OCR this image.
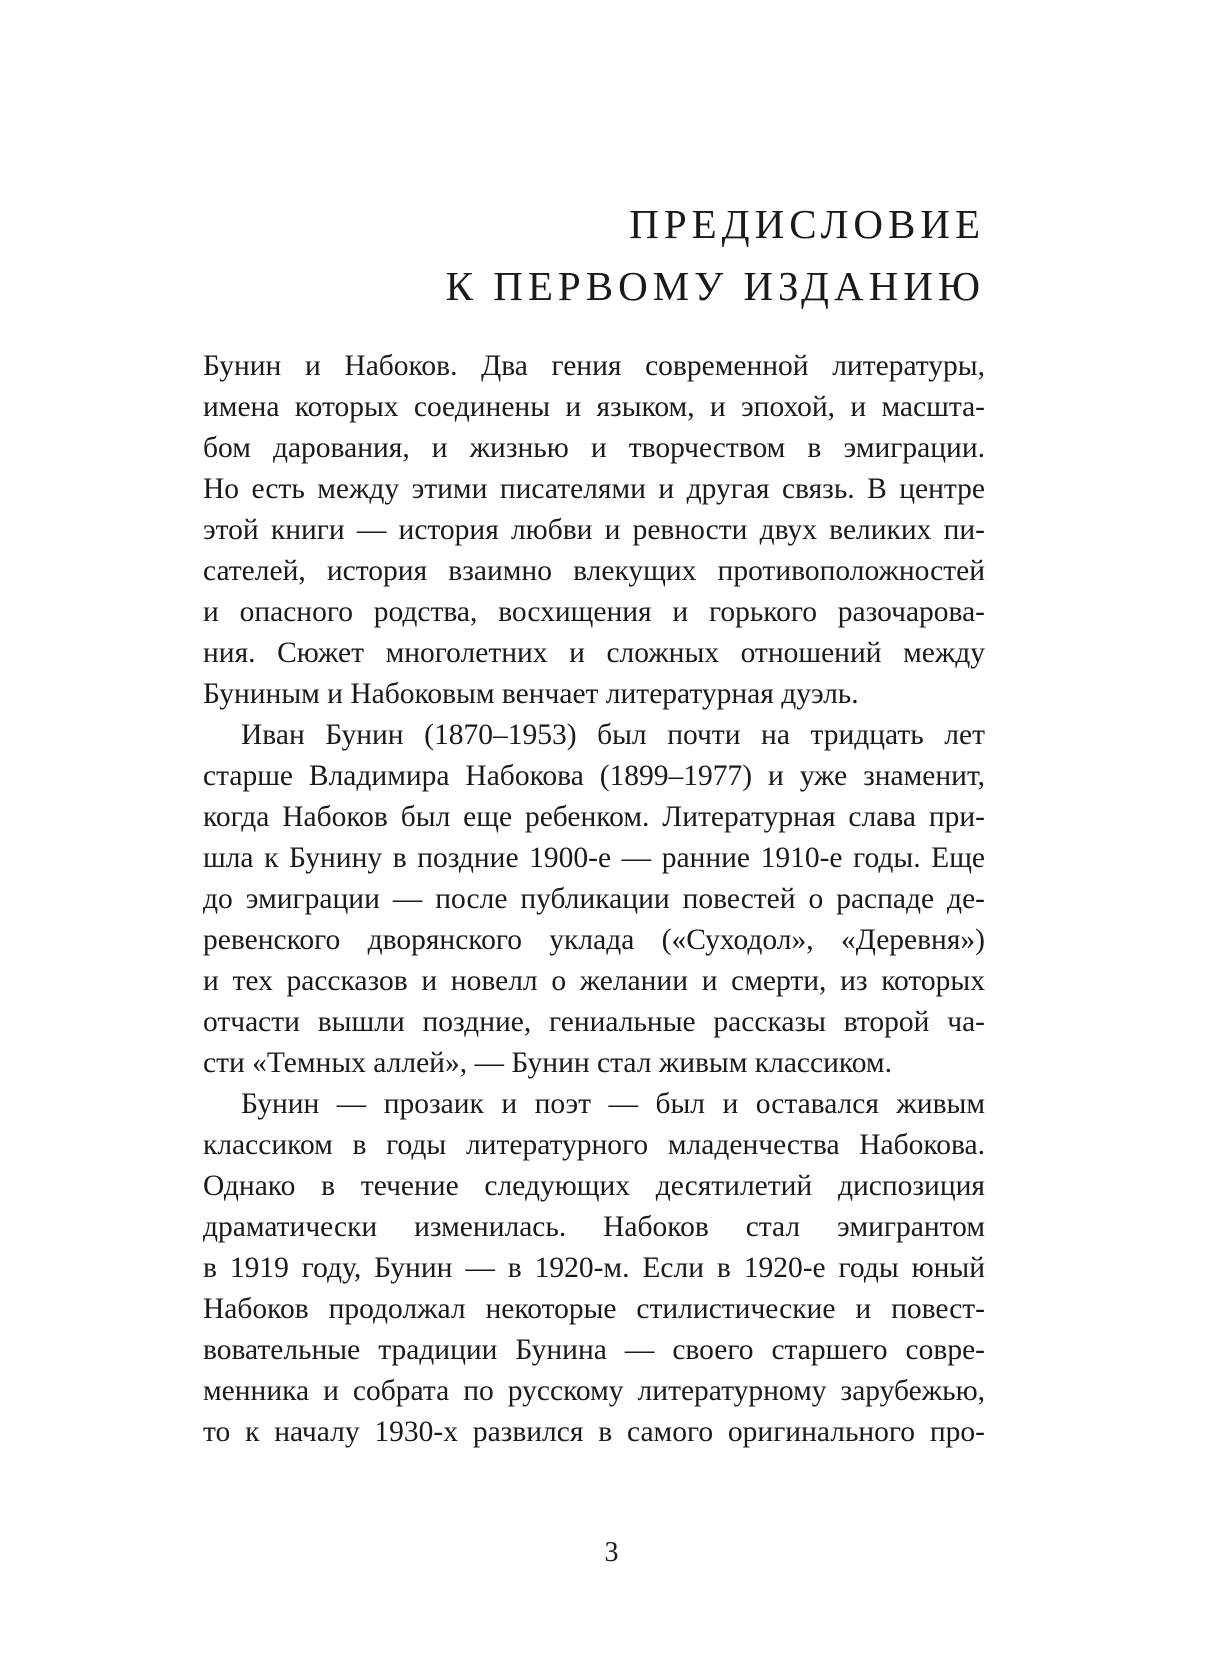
ПРЕДИСЛОВИЕ
К ПЕРВОМУ ИЗДАНИЮ

Бунин и Набоков. Два гения современной литературы,
имена которых соединены и языком, и эпохой, и масшта-
бом дарования, и жизнью и творчеством в эмиграции.
Но есть между этими писателями и другая связь. В центре
этой книги — история любви и ревности двух великих пи-
сателей, история взаимно влекущих противоположностей
и опасного родства, восхищения и горького разочарова-
ния. Сюжет многолетних и сложных отношений между
Буниным и Набоковым венчает литературная дуэль.

Иван Бунин (1870–1953) был почти на тридцать лет
старше Владимира Набокова (1899–1977) и уже знаменит,
когда Набоков был еще ребенком. Литературная слава при-
шла к Бунину в поздние 1900-е — ранние 1910-е годы. Еще
до эмиграции — после публикации повестей о распаде де-
ревенского дворянского уклада («Суходол», «Деревня»)
и тех рассказов и новелл о желании и смерти, из которых
отчасти вышли поздние, гениальные рассказы второй ча-
сти «Темных аллей», — Бунин стал живым классиком.

Бунин — прозаик и поэт — был и оставался живым
классиком в годы литературного младенчества Набокова.
Однако в течение следующих десятилетий диспозиция
драматически изменилась. Набоков стал эмигрантом
в 1919 году, Бунин — в 1920-м. Если в 1920-е годы юный
Набоков продолжал некоторые стилистические и повест-
вовательные традиции Бунина — своего старшего совре-
менника и собрата по русскому литературному зарубежью,
то к началу 1930-х развился в самого оригинального про-

3
